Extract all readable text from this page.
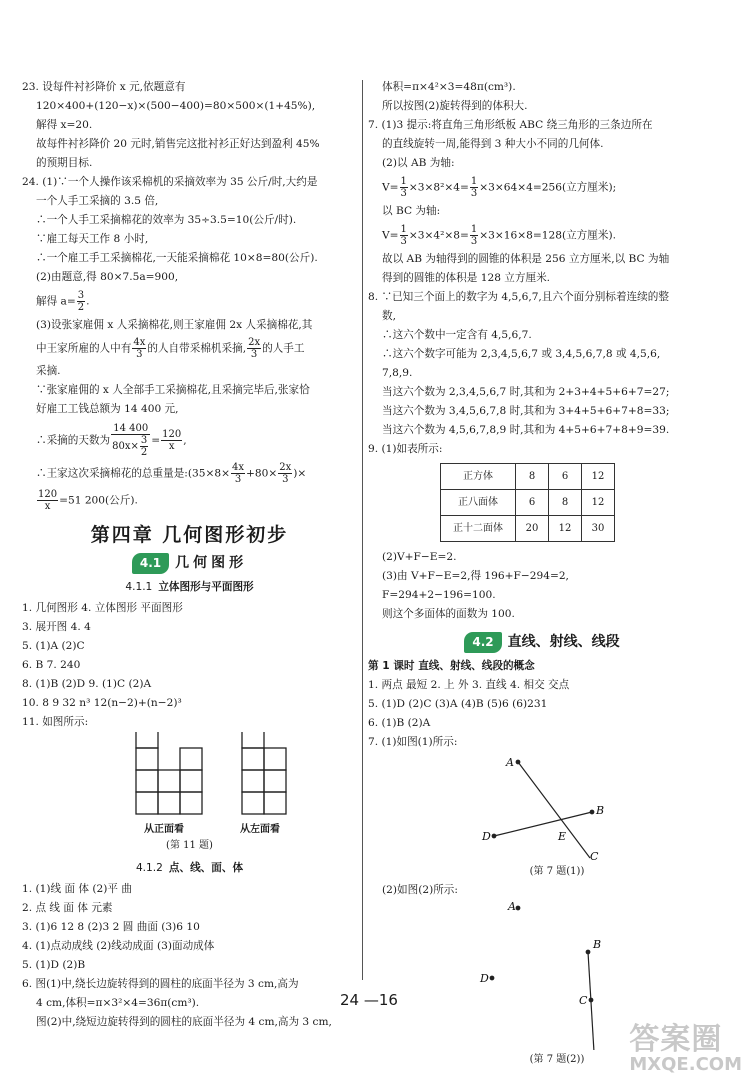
23. 设每件衬衫降价 x 元,依题意有

120×400+(120−x)×(500−400)=80×500×(1+45%),

解得 x=20.

故每件衬衫降价 20 元时,销售完这批衬衫正好达到盈利 45%

的预期目标.

24. (1)∵一个人操作该采棉机的采摘效率为 35 公斤/时,大约是

一个人手工采摘的 3.5 倍,

∴一个人手工采摘棉花的效率为 35÷3.5=10(公斤/时).

∵雇工每天工作 8 小时,

∴一个雇工手工采摘棉花,一天能采摘棉花 10×8=80(公斤).

(2)由题意,得 80×7.5a=900,

解得 $a= \frac{3}{2}$ .

(3)设张家雇佣 x 人采摘棉花,则王家雇佣 2x 人采摘棉花,其

中王家所雇的人中有 $\frac{4x}{3}$ 的人自带采棉机采摘, $\frac{2x}{3}$ 的人手工

采摘.

∵张家雇佣的 x 人全部手工采摘棉花,且采摘完毕后,张家恰

好雇工工钱总额为 14 400 元,

∴采摘的天数为 $\frac{14 400}{80x\times \frac{3}{2}} = \frac{120}{x}$ ,

∴王家这次采摘棉花的总重量是:(35×8× $\frac{4x}{3} +80\times \frac{2x}{3}$ )×

$\frac{120}{x} =51$ 200(公斤).

第四章 几何图形初步
4.1	几何图形
4.1.1 立体图形与平面图形

1. 几何图形 4. 立体图形 平面图形

3. 展开图 4. 4

5. (1)A (2)C

6. B 7. 240

8. (1)B (2)D 9. (1)C (2)A

10. 8 9 32 n³ 12(n−2)+(n−2)³

11. 如图所示:

从正面看	从左面看

(第 11 题)

4.1.2 点、线、面、体

1. (1)线 面 体 (2)平 曲

2. 点 线 面 体 元素

3. (1)6 12 8 (2)3 2 圆 曲面 (3)6 10

4. (1)点动成线 (2)线动成面 (3)面动成体

5. (1)D (2)B

6. 图(1)中,绕长边旋转得到的圆柱的底面半径为 3 cm,高为

4 cm,体积=π×3²×4=36π(cm³).

图(2)中,绕短边旋转得到的圆柱的底面半径为 4 cm,高为 3 cm,

体积=π×4²×3=48π(cm³).

所以按图(2)旋转得到的体积大.

7. (1)3 提示:将直角三角形纸板 ABC 绕三角形的三条边所在

的直线旋转一周,能得到 3 种大小不同的几何体.

(2)以 AB 为轴:

$V= \frac{1}{3} \times 3\times 8^2\times 4= \frac{1}{3} \times 3\times 64\times 4=256$(立方厘米);

以 BC 为轴:

$V= \frac{1}{3} \times 3\times 4^2\times 8= \frac{1}{3} \times 3\times 16\times 8=128$(立方厘米).

故以 AB 为轴得到的圆锥的体积是 256 立方厘米,以 BC 为轴

得到的圆锥的体积是 128 立方厘米.

8. ∵已知三个面上的数字为 4,5,6,7,且六个面分别标着连续的整

数,

∴这六个数中一定含有 4,5,6,7.

∴这六个数字可能为 2,3,4,5,6,7 或 3,4,5,6,7,8 或 4,5,6,

7,8,9.

当这六个数为 2,3,4,5,6,7 时,其和为 2+3+4+5+6+7=27;

当这六个数为 3,4,5,6,7,8 时,其和为 3+4+5+6+7+8=33;

当这六个数为 4,5,6,7,8,9 时,其和为 4+5+6+7+8+9=39.

9. (1)如表所示:

正方体	8	6	12
正八面体	6	8	12
正十二面体	20	12	30

(2)V+F−E=2.

(3)由 V+F−E=2,得 196+F−294=2,

F=294+2−196=100.

则这个多面体的面数为 100.

4.2	直线、射线、线段

第 1 课时 直线、射线、线段的概念

1. 两点 最短 2. 上 外 3. 直线 4. 相交 交点

5. (1)D (2)C (3)A (4)B (5)6 (6)231

6. (1)B (2)A

7. (1)如图(1)所示:

A
B
E
D
C

(第 7 题(1))

(2)如图(2)所示:

A
B
D
C

(第 7 题(2))

24 —16
答案圈
MXQE.COM
